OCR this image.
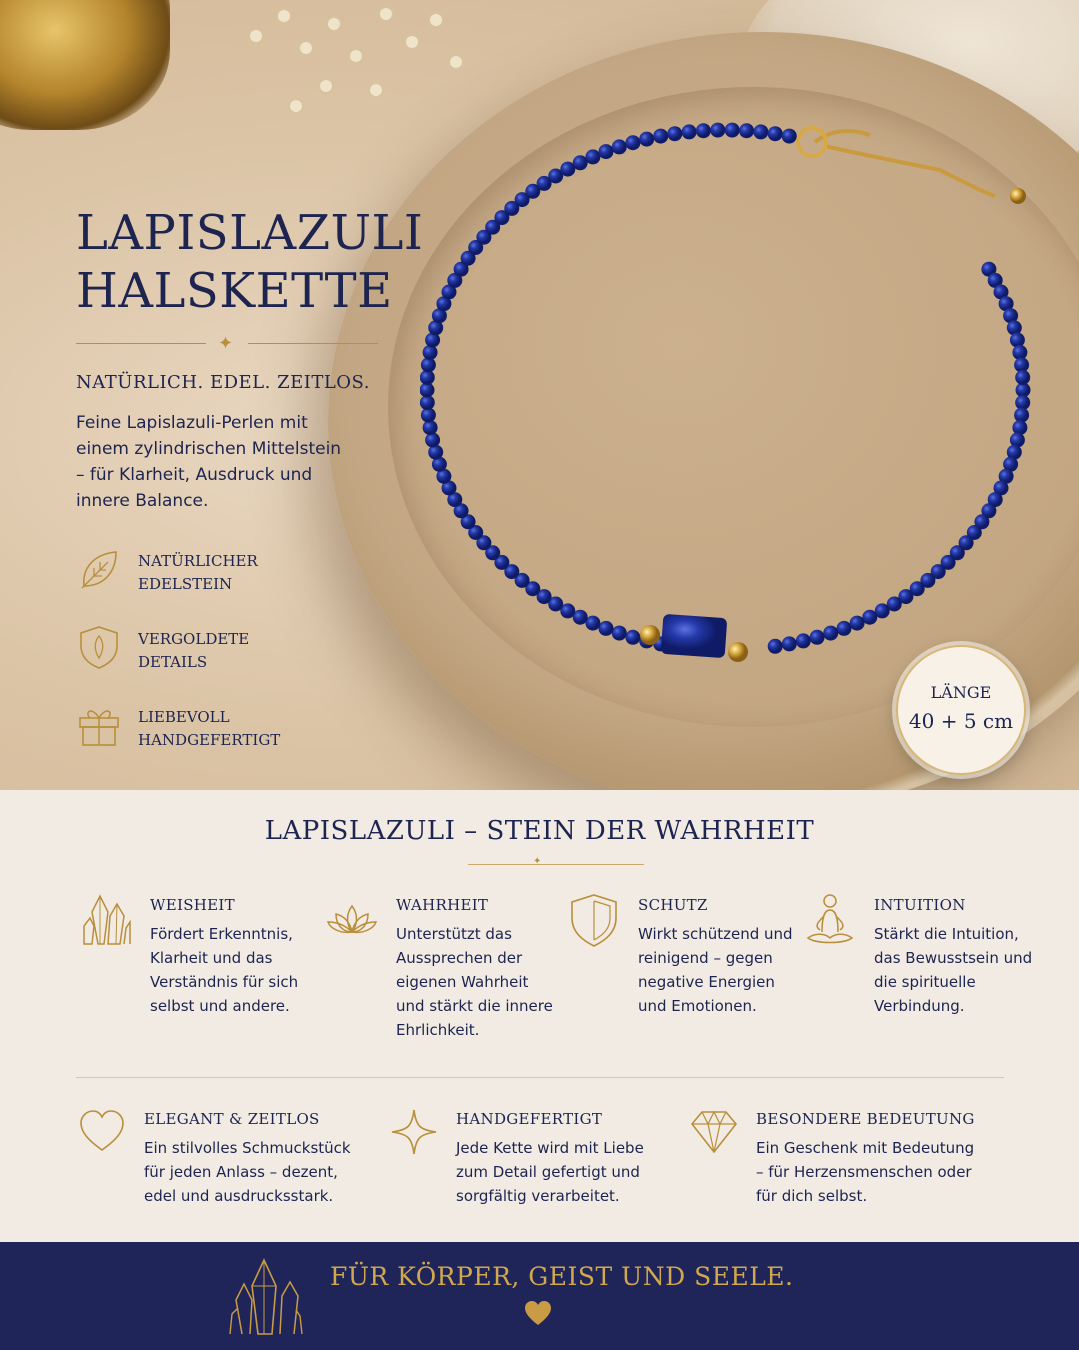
LAPISLAZULI
HALSKETTE
✦
NATÜRLICH. EDEL. ZEITLOS.
Feine Lapislazuli-Perlen mit einem zylindrischen Mittelstein – für Klarheit, Ausdruck und innere Balance.
NATÜRLICHER
EDELSTEIN
VERGOLDETE
DETAILS
LIEBEVOLL
HANDGEFERTIGT
LÄNGE
40 + 5 cm
LAPISLAZULI – STEIN DER WAHRHEIT
✦
WEISHEIT
Fördert Erkenntnis, Klarheit und das Verständnis für sich selbst und andere.
WAHRHEIT
Unterstützt das Aussprechen der eigenen Wahrheit und stärkt die innere Ehrlichkeit.
SCHUTZ
Wirkt schützend und reinigend – gegen negative Energien und Emotionen.
INTUITION
Stärkt die Intuition, das Bewusstsein und die spirituelle Verbindung.
ELEGANT & ZEITLOS
Ein stilvolles Schmuckstück für jeden Anlass – dezent, edel und ausdrucksstark.
HANDGEFERTIGT
Jede Kette wird mit Liebe zum Detail gefertigt und sorgfältig verarbeitet.
BESONDERE BEDEUTUNG
Ein Geschenk mit Bedeutung – für Herzensmenschen oder für dich selbst.
FÜR KÖRPER, GEIST UND SEELE.
